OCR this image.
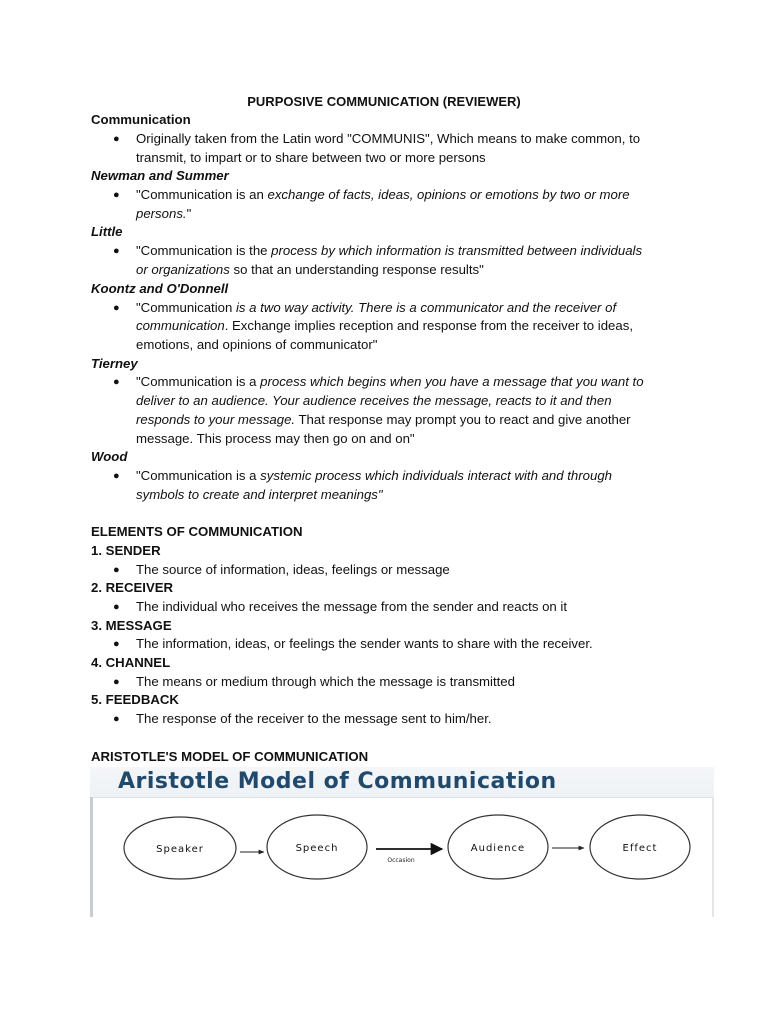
PURPOSIVE COMMUNICATION (REVIEWER)
Communication
● Originally taken from the Latin word "COMMUNIS", Which means to make common, to
transmit, to impart or to share between two or more persons
Newman and Summer
● "Communication is an exchange of facts, ideas, opinions or emotions by two or more
persons."
Little
● "Communication is the process by which information is transmitted between individuals
or organizations so that an understanding response results"
Koontz and O'Donnell
● "Communication is a two way activity. There is a communicator and the receiver of
communication. Exchange implies reception and response from the receiver to ideas,
emotions, and opinions of communicator"
Tierney
● "Communication is a process which begins when you have a message that you want to
deliver to an audience. Your audience receives the message, reacts to it and then
responds to your message. That response may prompt you to react and give another
message. This process may then go on and on"
Wood
● "Communication is a systemic process which individuals interact with and through
symbols to create and interpret meanings"
ELEMENTS OF COMMUNICATION
1. SENDER
● The source of information, ideas, feelings or message
2. RECEIVER
● The individual who receives the message from the sender and reacts on it
3. MESSAGE
● The information, ideas, or feelings the sender wants to share with the receiver.
4. CHANNEL
● The means or medium through which the message is transmitted
5. FEEDBACK
● The response of the receiver to the message sent to him/her.
ARISTOTLE'S MODEL OF COMMUNICATION
Aristotle Model of Communication
Speaker	Speech
Occasion
Audience	Effect
